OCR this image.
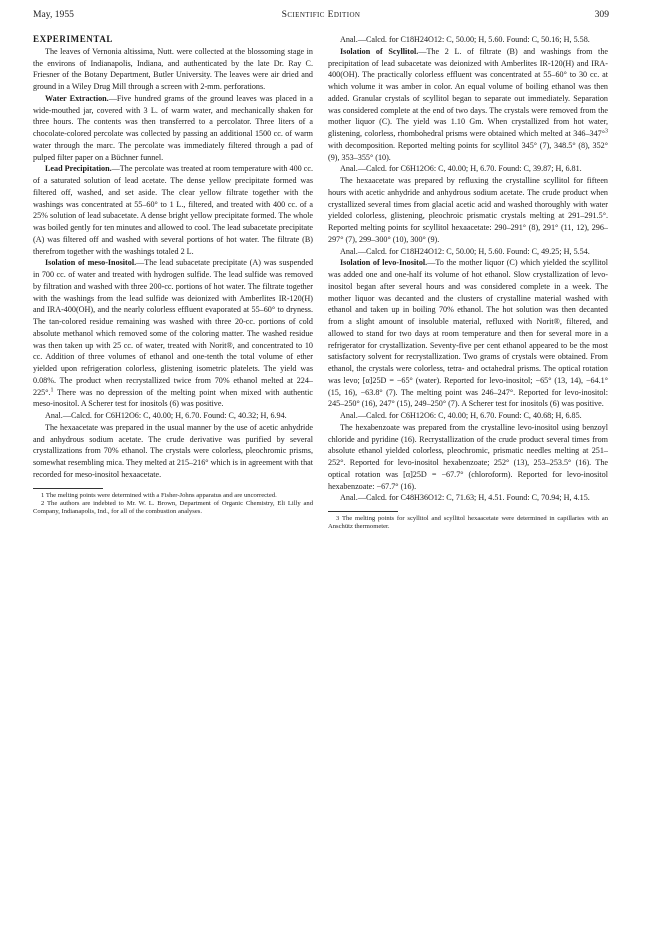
May, 1955	Scientific Edition	309

EXPERIMENTAL

The leaves of Vernonia altissima, Nutt. were collected at the blossoming stage in the environs of Indianapolis, Indiana, and authenticated by the late Dr. Ray C. Friesner of the Botany Department, Butler University. The leaves were air dried and ground in a Wiley Drug Mill through a screen with 2-mm. perforations.

Water Extraction.—Five hundred grams of the ground leaves was placed in a wide-mouthed jar, covered with 3 L. of warm water, and mechanically shaken for three hours. The contents was then transferred to a percolator. Three liters of a chocolate-colored percolate was collected by passing an additional 1500 cc. of warm water through the marc. The percolate was immediately filtered through a pad of pulped filter paper on a Büchner funnel.

Lead Precipitation.—The percolate was treated at room temperature with 400 cc. of a saturated solution of lead acetate. The dense yellow precipitate formed was filtered off, washed, and set aside. The clear yellow filtrate together with the washings was concentrated at 55–60° to 1 L., filtered, and treated with 400 cc. of a 25% solution of lead subacetate. A dense bright yellow precipitate formed. The whole was boiled gently for ten minutes and allowed to cool. The lead subacetate precipitate (A) was filtered off and washed with several portions of hot water. The filtrate (B) therefrom together with the washings totaled 2 L.

Isolation of meso-Inositol.—The lead subacetate precipitate (A) was suspended in 700 cc. of water and treated with hydrogen sulfide. The lead sulfide was removed by filtration and washed with three 200-cc. portions of hot water. The filtrate together with the washings from the lead sulfide was deionized with Amberlites IR-120(H) and IRA-400(OH), and the nearly colorless effluent evaporated at 55–60° to dryness. The tan-colored residue remaining was washed with three 20-cc. portions of cold absolute methanol which removed some of the coloring matter. The washed residue was then taken up with 25 cc. of water, treated with Norit®, and concentrated to 10 cc. Addition of three volumes of ethanol and one-tenth the total volume of ether yielded upon refrigeration colorless, glistening isometric platelets. The yield was 0.08%. The product when recrystallized twice from 70% ethanol melted at 224–225°.$^1$ There was no depression of the melting point when mixed with authentic meso-inositol. A Scherer test for inositols (6) was positive.

Anal.—Calcd. for C6H12O6: C, 40.00; H, 6.70. Found: C, 40.32; H, 6.94.

The hexaacetate was prepared in the usual manner by the use of acetic anhydride and anhydrous sodium acetate. The crude derivative was purified by several crystallizations from 70% ethanol. The crystals were colorless, pleochromic prisms, somewhat resembling mica. They melted at 215–216° which is in agreement with that recorded for meso-inositol hexaacetate.

1 The melting points were determined with a Fisher-Johns apparatus and are uncorrected.

2 The authors are indebted to Mr. W. L. Brown, Department of Organic Chemistry, Eli Lilly and Company, Indianapolis, Ind., for all of the combustion analyses.

Anal.—Calcd. for C18H24O12: C, 50.00; H, 5.60. Found: C, 50.16; H, 5.58.

Isolation of Scyllitol.—The 2 L. of filtrate (B) and washings from the precipitation of lead subacetate was deionized with Amberlites IR-120(H) and IRA-400(OH). The practically colorless effluent was concentrated at 55–60° to 30 cc. at which volume it was amber in color. An equal volume of boiling ethanol was then added. Granular crystals of scyllitol began to separate out immediately. Separation was considered complete at the end of two days. The crystals were removed from the mother liquor (C). The yield was 1.10 Gm. When crystallized from hot water, glistening, colorless, rhombohedral prisms were obtained which melted at 346–347°$^3$ with decomposition. Reported melting points for scyllitol 345° (7), 348.5° (8), 352° (9), 353–355° (10).

Anal.—Calcd. for C6H12O6: C, 40.00; H, 6.70. Found: C, 39.87; H, 6.81.

The hexaacetate was prepared by refluxing the crystalline scyllitol for fifteen hours with acetic anhydride and anhydrous sodium acetate. The crude product when crystallized several times from glacial acetic acid and washed thoroughly with water yielded colorless, glistening, pleochroic prismatic crystals melting at 291–291.5°. Reported melting points for scyllitol hexaacetate: 290–291° (8), 291° (11, 12), 296–297° (7), 299–300° (10), 300° (9).

Anal.—Calcd. for C18H24O12: C, 50.00; H, 5.60. Found: C, 49.25; H, 5.54.

Isolation of levo-Inositol.—To the mother liquor (C) which yielded the scyllitol was added one and one-half its volume of hot ethanol. Slow crystallization of levo-inositol began after several hours and was considered complete in a week. The mother liquor was decanted and the clusters of crystalline material washed with ethanol and taken up in boiling 70% ethanol. The hot solution was then decanted from a slight amount of insoluble material, refluxed with Norit®, filtered, and allowed to stand for two days at room temperature and then for several more in a refrigerator for crystallization. Seventy-five per cent ethanol appeared to be the most satisfactory solvent for recrystallization. Two grams of crystals were obtained. From ethanol, the crystals were colorless, tetra- and octahedral prisms. The optical rotation was levo; [α]25D = −65° (water). Reported for levo-inositol; −65° (13, 14), −64.1° (15, 16), −63.8° (7). The melting point was 246–247°. Reported for levo-inositol: 245–250° (16), 247° (15), 249–250° (7). A Scherer test for inositols (6) was positive.

Anal.—Calcd. for C6H12O6: C, 40.00; H, 6.70. Found: C, 40.68; H, 6.85.

The hexabenzoate was prepared from the crystalline levo-inositol using benzoyl chloride and pyridine (16). Recrystallization of the crude product several times from absolute ethanol yielded colorless, pleochromic, prismatic needles melting at 251–252°. Reported for levo-inositol hexabenzoate; 252° (13), 253–253.5° (16). The optical rotation was [α]25D = −67.7° (chloroform). Reported for levo-inositol hexabenzoate: −67.7° (16).

Anal.—Calcd. for C48H36O12: C, 71.63; H, 4.51. Found: C, 70.94; H, 4.15.

3 The melting points for scyllitol and scyllitol hexaacetate were determined in capillaries with an Anschütz thermometer.
